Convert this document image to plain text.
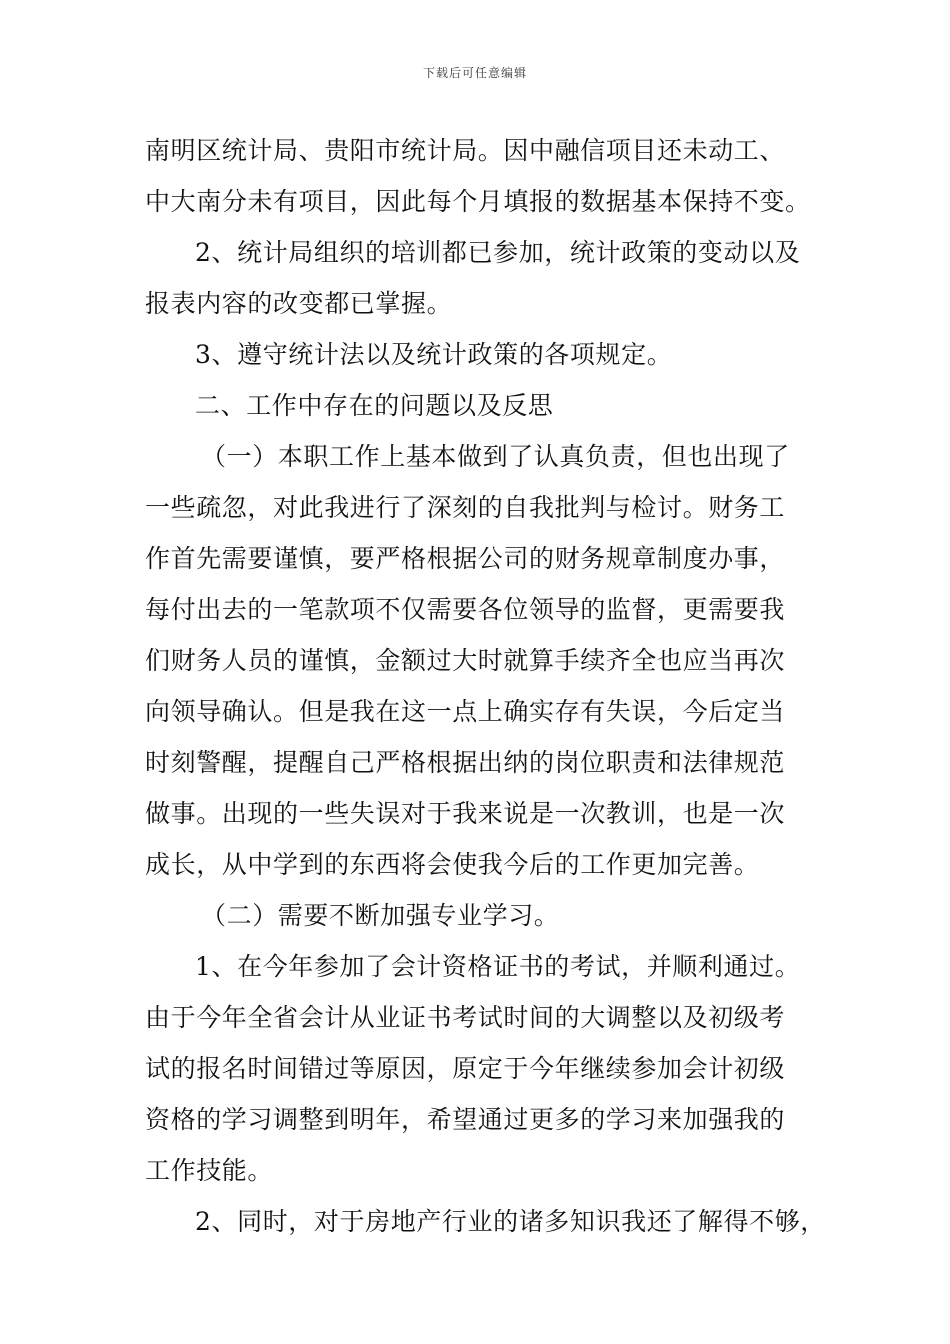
下载后可任意编辑
南明区统计局、贵阳市统计局。因中融信项目还未动工、
中大南分未有项目，因此每个月填报的数据基本保持不变。
2、统计局组织的培训都已参加，统计政策的变动以及
报表内容的改变都已掌握。
3、遵守统计法以及统计政策的各项规定。
二、工作中存在的问题以及反思
（一）本职工作上基本做到了认真负责，但也出现了
一些疏忽，对此我进行了深刻的自我批判与检讨。财务工
作首先需要谨慎，要严格根据公司的财务规章制度办事，
每付出去的一笔款项不仅需要各位领导的监督，更需要我
们财务人员的谨慎，金额过大时就算手续齐全也应当再次
向领导确认。但是我在这一点上确实存有失误，今后定当
时刻警醒，提醒自己严格根据出纳的岗位职责和法律规范
做事。出现的一些失误对于我来说是一次教训，也是一次
成长，从中学到的东西将会使我今后的工作更加完善。
（二）需要不断加强专业学习。
1、在今年参加了会计资格证书的考试，并顺利通过。
由于今年全省会计从业证书考试时间的大调整以及初级考
试的报名时间错过等原因，原定于今年继续参加会计初级
资格的学习调整到明年，希望通过更多的学习来加强我的
工作技能。
2、同时，对于房地产行业的诸多知识我还了解得不够，
